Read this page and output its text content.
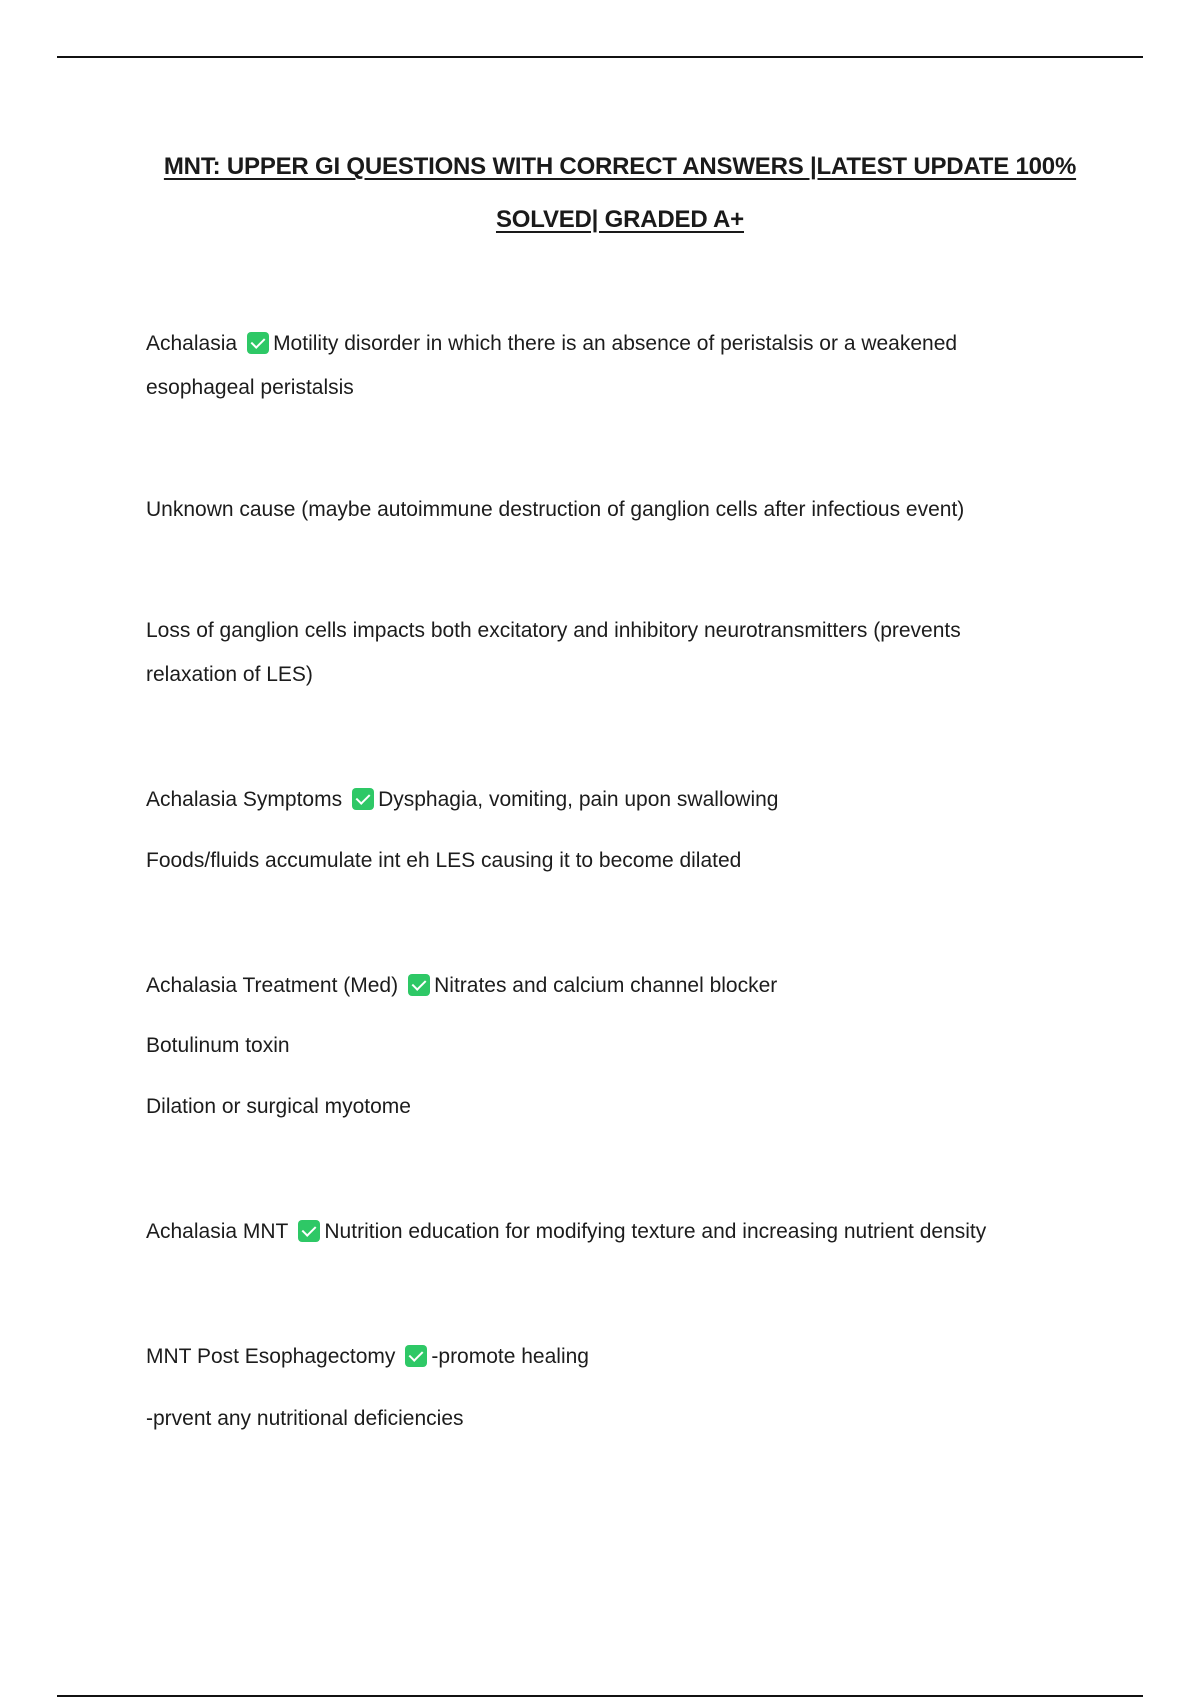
MNT: UPPER GI QUESTIONS WITH CORRECT ANSWERS |LATEST UPDATE 100%
SOLVED| GRADED A+
Achalasia Motility disorder in which there is an absence of peristalsis or a weakened
esophageal peristalsis
Unknown cause (maybe autoimmune destruction of ganglion cells after infectious event)
Loss of ganglion cells impacts both excitatory and inhibitory neurotransmitters (prevents
relaxation of LES)
Achalasia Symptoms Dysphagia, vomiting, pain upon swallowing
Foods/fluids accumulate int eh LES causing it to become dilated
Achalasia Treatment (Med) Nitrates and calcium channel blocker
Botulinum toxin
Dilation or surgical myotome
Achalasia MNT Nutrition education for modifying texture and increasing nutrient density
MNT Post Esophagectomy -promote healing
-prvent any nutritional deficiencies
